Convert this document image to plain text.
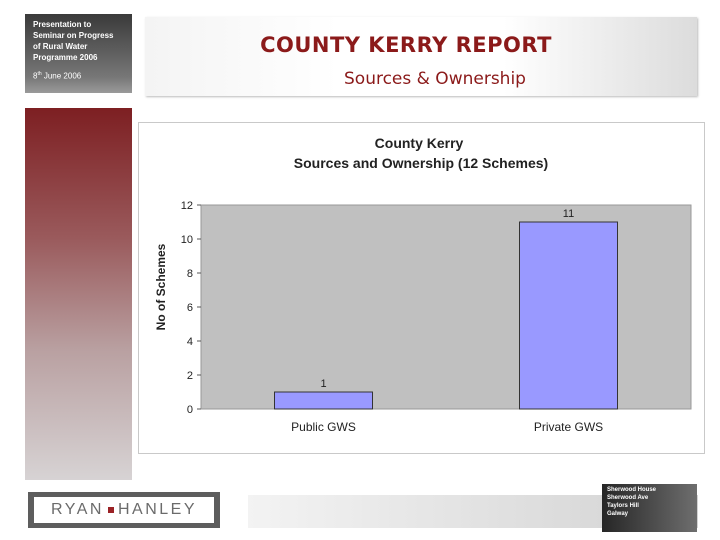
Presentation to
Seminar on Progress
of Rural Water
Programme 2006
8th June 2006
COUNTY KERRY REPORT
Sources & Ownership
County Kerry
Sources and Ownership (12 Schemes)
No of Schemes
0
2
4
6
8
10
12
1
Public GWS
11
Private GWS
RYAN HANLEY
Sherwood House
Sherwood Ave
Taylors Hill
Galway
